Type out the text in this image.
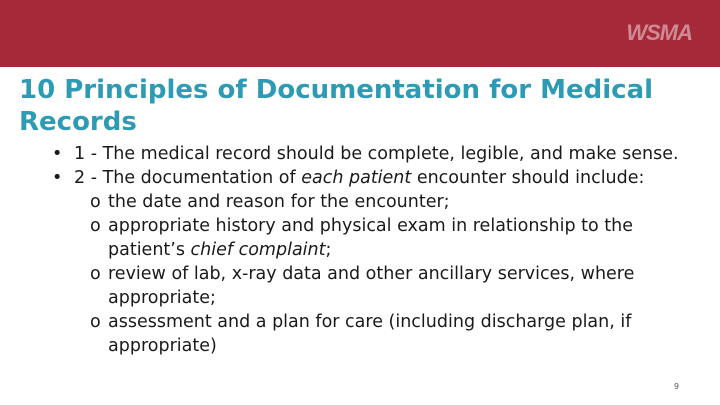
WSMA
10 Principles of Documentation for Medical Records
• 1 - The medical record should be complete, legible, and make sense.
• 2 - The documentation of each patient encounter should include:
o the date and reason for the encounter;
o appropriate history and physical exam in relationship to the patient’s chief complaint;
o review of lab, x-ray data and other ancillary services, where appropriate;
o assessment and a plan for care (including discharge plan, if appropriate)
9
